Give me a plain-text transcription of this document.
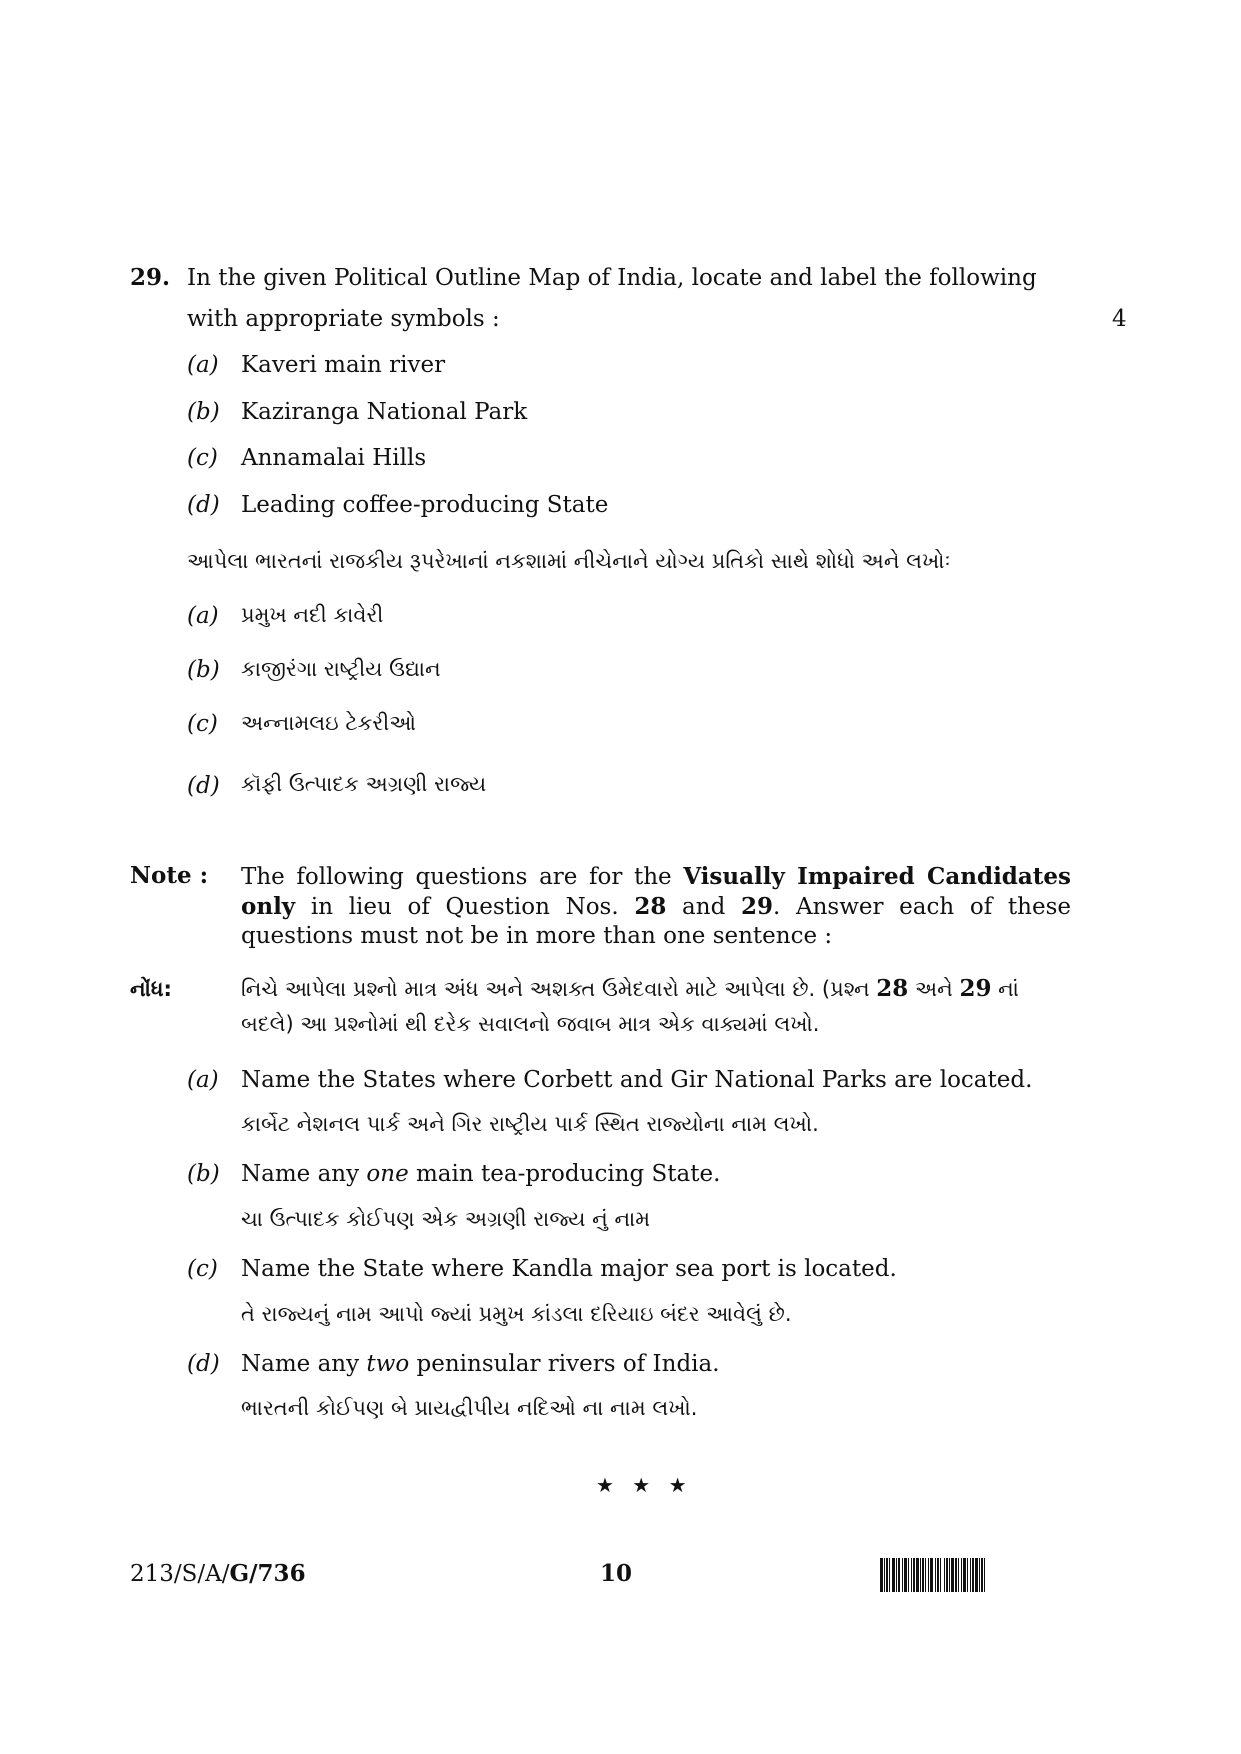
29. In the given Political Outline Map of India, locate and label the following
with appropriate symbols :	4
(a) Kaveri main river
(b) Kaziranga National Park
(c) Annamalai Hills
(d) Leading coffee-producing State
આપેલા ભારતનાં રાજકીય રૂપરેખાનાં નકશામાં નીચેનાને યોગ્ય પ્રતિકો સાથે શોધો અને લખોઃ
(a) પ્રમુખ નદી કાવેરી
(b) કાજીરંગા રાષ્ટ્રીય ઉદ્યાન
(c) અન્નામલઇ ટેકરીઓ
(d) કૉફી ઉત્પાદક અગ્રણી રાજ્ય
Note : The following questions are for the Visually Impaired Candidates only in lieu of Question Nos. 28 and 29. Answer each of these questions must not be in more than one sentence :
નોંધ:	નિચે આપેલા પ્રશ્નો માત્ર અંધ અને અશક્ત ઉમેદવારો માટે આપેલા છે. (પ્રશ્ન 28 અને 29 નાં
બદલે) આ પ્રશ્નોમાં થી દરેક સવાલનો જવાબ માત્ર એક વાક્યમાં લખો.
(a) Name the States where Corbett and Gir National Parks are located.
કાર્બેટ નેશનલ પાર્ક અને ગિર રાષ્ટ્રીય પાર્ક સ્થિત રાજ્યોના નામ લખો.
(b) Name any one main tea-producing State.
ચા ઉત્પાદક કોઈપણ એક અગ્રણી રાજ્ય નું નામ
(c) Name the State where Kandla major sea port is located.
તે રાજ્યનું નામ આપો જ્યાં પ્રમુખ કાંડલા દરિયાઇ બંદર આવેલું છે.
(d) Name any two peninsular rivers of India.
ભારતની કોઈપણ બે પ્રાયદ્વીપીય નદિઓ ના નામ લખો.
★ ★ ★
213/S/A/G/736	10
